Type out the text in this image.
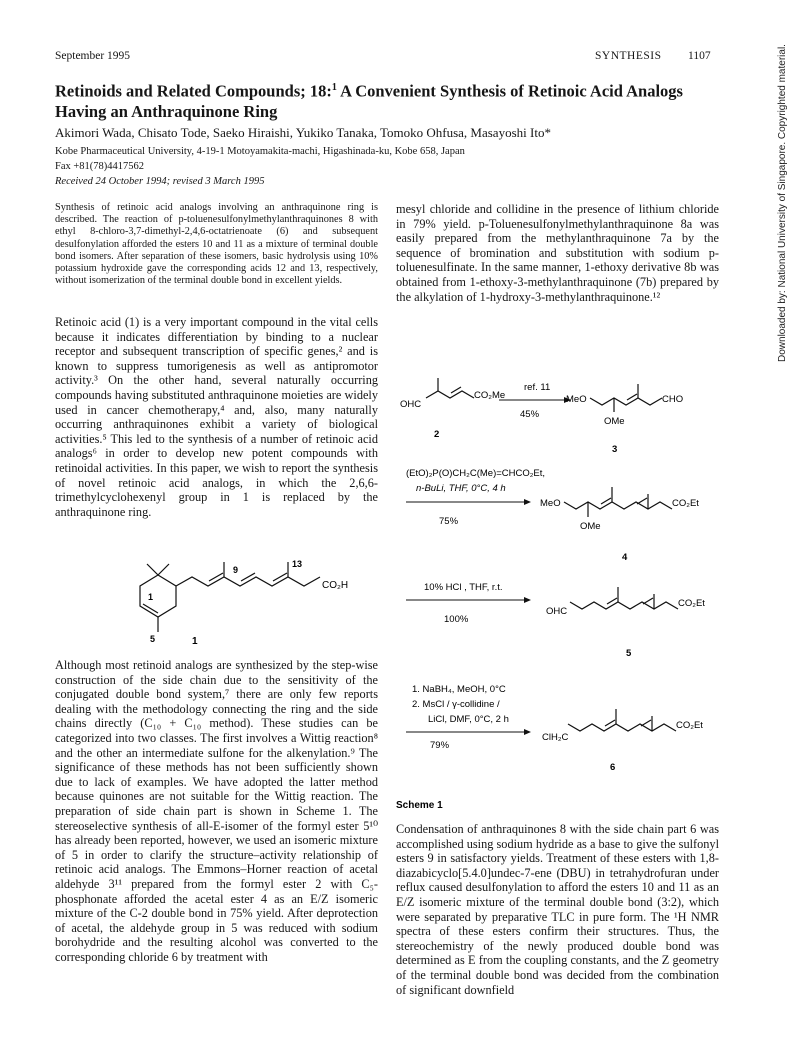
September 1995	SYNTHESIS 1107
Retinoids and Related Compounds; 18:$^1$ A Convenient Synthesis of Retinoic Acid Analogs Having an Anthraquinone Ring
Akimori Wada, Chisato Tode, Saeko Hiraishi, Yukiko Tanaka, Tomoko Ohfusa, Masayoshi Ito*
Kobe Pharmaceutical University, 4-19-1 Motoyamakita-machi, Higashinada-ku, Kobe 658, Japan
Fax +81(78)4417562
Received 24 October 1994; revised 3 March 1995
Synthesis of retinoic acid analogs involving an anthraquinone ring is described. The reaction of p-toluenesulfonylmethylanthraquinones 8 with ethyl 8-chloro-3,7-dimethyl-2,4,6-octatrienoate (6) and subsequent desulfonylation afforded the esters 10 and 11 as a mixture of terminal double bond isomers. After separation of these isomers, basic hydrolysis using 10% potassium hydroxide gave the corresponding acids 12 and 13, respectively, without isomerization of the terminal double bond in excellent yields.

Retinoic acid (1) is a very important compound in the vital cells because it indicates differentiation by binding to a nuclear receptor and subsequent transcription of specific genes,² and is known to suppress tumorigenesis as well as antipromotor activity.³ On the other hand, several naturally occurring compounds having substituted anthraquinone moieties are widely used in cancer chemotherapy,⁴ and, also, many naturally occurring anthraquinones exhibit a variety of biological activities.⁵ This led to the synthesis of a number of retinoic acid analogs⁶ in order to develop new potent compounds with retinoidal activities. In this paper, we wish to report the synthesis of novel retinoic acid analogs, in which the 2,6,6-trimethylcyclohexenyl group in 1 is replaced by the anthraquinone ring.

9
13
1
5
CO₂H
1

Although most retinoid analogs are synthesized by the step-wise construction of the side chain due to the sensitivity of the conjugated double bond system,⁷ there are only few reports dealing with the methodology connecting the ring and the side chains directly (C₁₀ + C₁₀ method). These studies can be categorized into two classes. The first involves a Wittig reaction⁸ and the other an intermediate sulfone for the alkenylation.⁹ The significance of these methods has not been sufficiently shown due to lack of examples. We have adopted the latter method because quinones are not suitable for the Wittig reaction. The preparation of side chain part is shown in Scheme 1. The stereoselective synthesis of all-E-isomer of the formyl ester 5¹⁰ has already been reported, however, we used an isomeric mixture of 5 in order to clarify the structure–activity relationship of retinoic acid analogs. The Emmons–Horner reaction of acetal aldehyde 3¹¹ prepared from the formyl ester 2 with C₅-phosphonate afforded the acetal ester 4 as an E/Z isomeric mixture of the C-2 double bond in 75% yield. After deprotection of acetal, the aldehyde group in 5 was reduced with sodium borohydride and the resulting alcohol was converted to the corresponding chloride 6 by treatment with

mesyl chloride and collidine in the presence of lithium chloride in 79% yield. p-Toluenesulfonylmethylanthraquinone 8a was easily prepared from the methylanthraquinone 7a by the sequence of bromination and substitution with sodium p-toluenesulfinate. In the same manner, 1-ethoxy derivative 8b was obtained from 1-ethoxy-3-methylanthraquinone (7b) prepared by the alkylation of 1-hydroxy-3-methylanthraquinone.¹²

OHC
CO₂Me
2
ref. 11
45%
MeO	CHO
OMe
3
(EtO)₂P(O)CH₂C(Me)=CHCO₂Et,
n-BuLi, THF, 0°C, 4 h
75%
MeO
OMe
CO₂Et
4
10% HCl , THF, r.t.
100%
OHC
CO₂Et
5
1. NaBH₄, MeOH, 0°C
2. MsCl / γ-collidine /
LiCl, DMF, 0°C, 2 h
79%
ClH₂C
CO₂Et
6
Scheme 1

Condensation of anthraquinones 8 with the side chain part 6 was accomplished using sodium hydride as a base to give the sulfonyl esters 9 in satisfactory yields. Treatment of these esters with 1,8-diazabicyclo[5.4.0]undec-7-ene (DBU) in tetrahydrofuran under reflux caused desulfonylation to afford the esters 10 and 11 as an E/Z isomeric mixture of the terminal double bond (3:2), which were separated by preparative TLC in pure form. The ¹H NMR spectra of these esters confirm their structures. Thus, the stereochemistry of the newly produced double bond was determined as E from the coupling constants, and the Z geometry of the terminal double bond was decided from the combination of significant downfield

Downloaded by: National University of Singapore. Copyrighted material.
